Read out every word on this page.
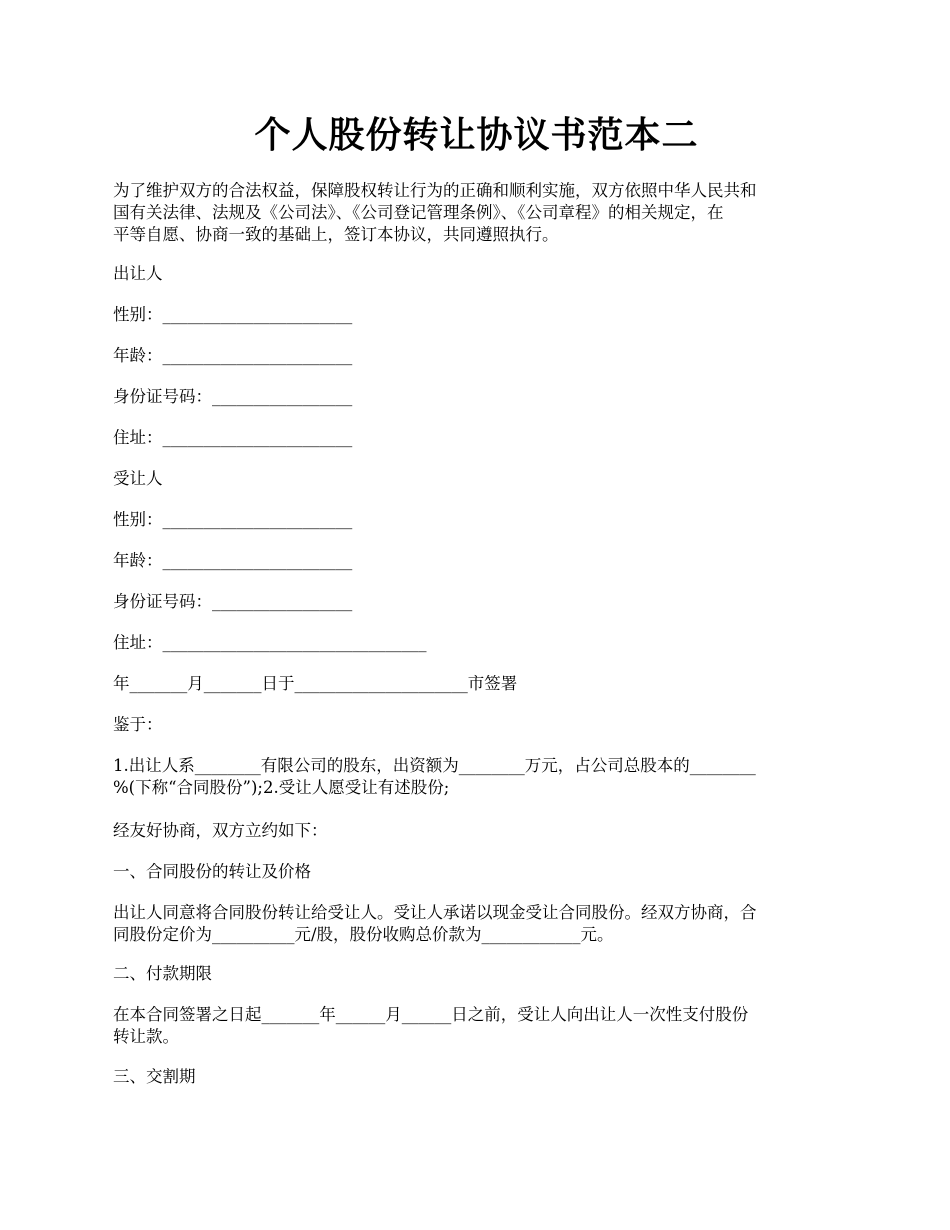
个人股份转让协议书范本二
为了维护双方的合法权益，保障股权转让行为的正确和顺利实施，双方依照中华人民共和
国有关法律、法规及《公司法》、《公司登记管理条例》、《公司章程》的相关规定，在
平等自愿、协商一致的基础上，签订本协议，共同遵照执行。
出让人
性别：_______________________
年龄：_______________________
身份证号码：_________________
住址：_______________________
受让人
性别：_______________________
年龄：_______________________
身份证号码：_________________
住址：________________________________
年_______月_______日于_____________________市签署
鉴于：
1.出让人系________有限公司的股东，出资额为________万元，占公司总股本的________
%(下称“合同股份”);2.受让人愿受让有述股份;
经友好协商，双方立约如下：
一、合同股份的转让及价格
出让人同意将合同股份转让给受让人。受让人承诺以现金受让合同股份。经双方协商，合
同股份定价为__________元/股，股份收购总价款为____________元。
二、付款期限
在本合同签署之日起_______年______月______日之前，受让人向出让人一次性支付股份
转让款。
三、交割期
